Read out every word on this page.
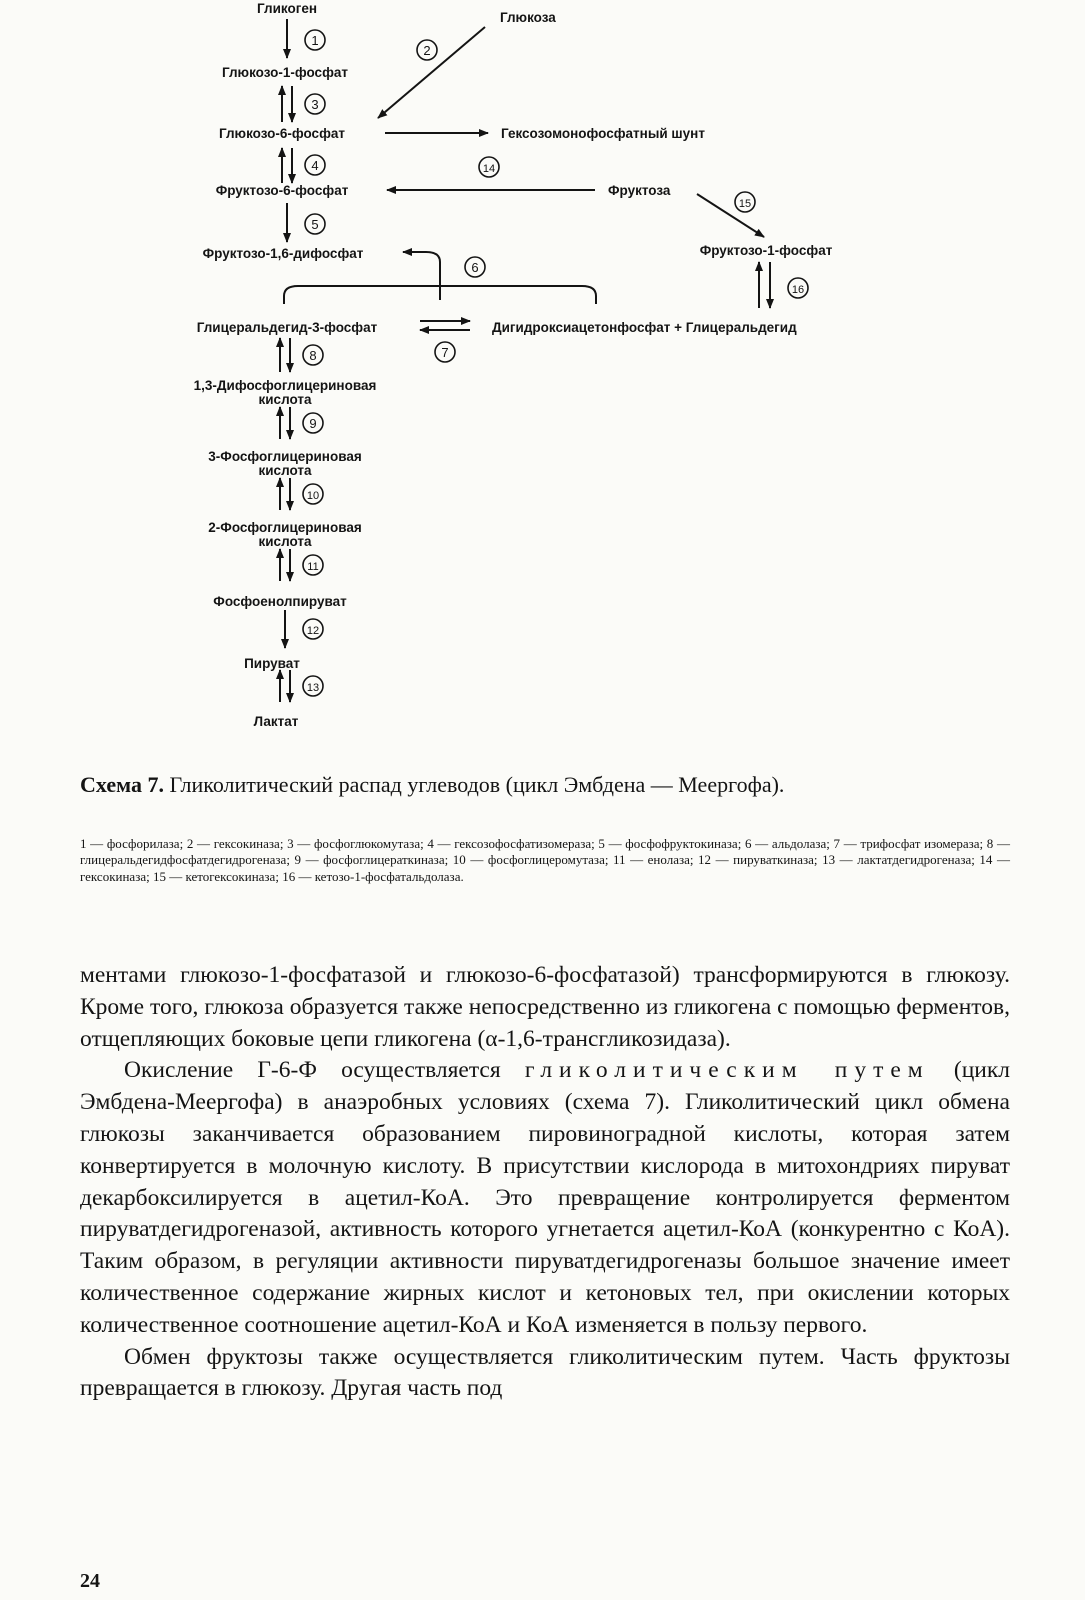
1
2
3
4	14
15
5
6
16
7
8
9
10
11
12
13
Гликоген
Глюкоза
Глюкозо-1-фосфат
Глюкозо-6-фосфат	Гексозомонофосфатный шунт
Фруктозо-6-фосфат	Фруктоза
Фруктозо-1-фосфат
Фруктозо-1,6-дифосфат
Глицеральдегид-3-фосфат	Дигидроксиацетонфосфат + Глицеральдегид
1,3-Дифосфоглицериновая
кислота
3-Фосфоглицериновая
кислота
2-Фосфоглицериновая
кислота
Фосфоенолпируват
Пируват
Лактат
Схема 7. Гликолитический распад углеводов (цикл Эмбдена — Меергофа).
1 — фосфорилаза; 2 — гексокиназа; 3 — фосфоглюкомутаза; 4 — гексозофосфатизомераза; 5 — фосфофруктокиназа; 6 — альдолаза; 7 — трифосфат изомераза; 8 — глицеральдегидфосфатдегидрогеназа; 9 — фосфоглицераткиназа; 10 — фосфоглицеромутаза; 11 — енолаза; 12 — пируваткиназа; 13 — лактатдегидрогеназа; 14 — гексокиназа; 15 — кетогексокиназа; 16 — кетозо-1-фосфатальдолаза.

ментами глюкозо-1-фосфатазой и глюкозо-6-фосфатазой) трансформируются в глюкозу. Кроме того, глюкоза образуется также непосредственно из гликогена с помощью ферментов, отщепляющих боковые цепи гликогена (α-1,6-трансгликозидаза).

Окисление Г-6-Ф осуществляется гликолитическим путем (цикл Эмбдена-Меергофа) в анаэробных условиях (схема 7). Гликолитический цикл обмена глюкозы заканчивается образованием пировиноградной кислоты, которая затем конвертируется в молочную кислоту. В присутствии кислорода в митохондриях пируват декарбоксилируется в ацетил-КоА. Это превращение контролируется ферментом пируватдегидрогеназой, активность которого угнетается ацетил-КоА (конкурентно с КоА). Таким образом, в регуляции активности пируватдегидрогеназы большое значение имеет количественное содержание жирных кислот и кетоновых тел, при окислении которых количественное соотношение ацетил-КоА и КоА изменяется в пользу первого.

Обмен фруктозы также осуществляется гликолитическим путем. Часть фруктозы превращается в глюкозу. Другая часть под

24
